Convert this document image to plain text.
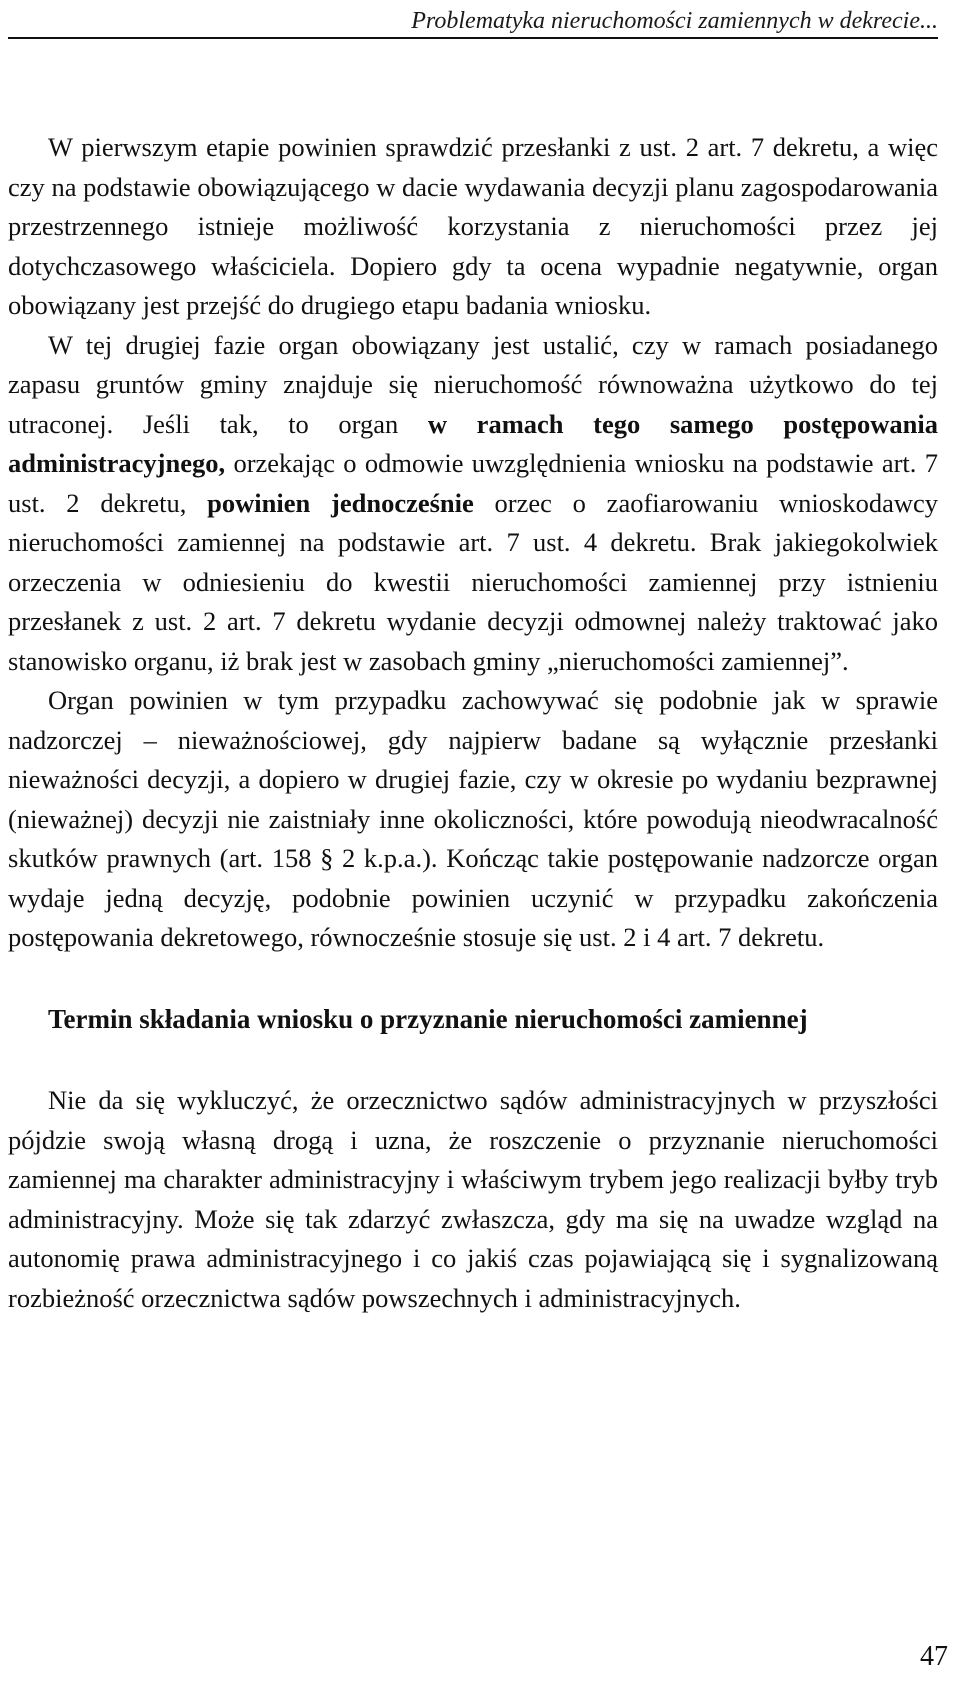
Problematyka nieruchomości zamiennych w dekrecie...

W pierwszym etapie powinien sprawdzić przesłanki z ust. 2 art. 7 dekretu, a więc czy na podstawie obowiązującego w dacie wydawania decyzji planu zagospodarowania przestrzennego istnieje możliwość korzystania z nieruchomości przez jej dotychczasowego właściciela. Dopiero gdy ta ocena wypadnie negatywnie, organ obowiązany jest przejść do drugiego etapu badania wniosku.

W tej drugiej fazie organ obowiązany jest ustalić, czy w ramach posiadanego zapasu gruntów gminy znajduje się nieruchomość równoważna użytkowo do tej utraconej. Jeśli tak, to organ w ramach tego samego postępowania administracyjnego, orzekając o odmowie uwzględnienia wniosku na podstawie art. 7 ust. 2 dekretu, powinien jednocześnie orzec o zaofiarowaniu wnioskodawcy nieruchomości zamiennej na podstawie art. 7 ust. 4 dekretu. Brak jakiegokolwiek orzeczenia w odniesieniu do kwestii nieruchomości zamiennej przy istnieniu przesłanek z ust. 2 art. 7 dekretu wydanie decyzji odmownej należy traktować jako stanowisko organu, iż brak jest w zasobach gminy „nieruchomości zamiennej”.

Organ powinien w tym przypadku zachowywać się podobnie jak w sprawie nadzorczej – nieważnościowej, gdy najpierw badane są wyłącznie przesłanki nieważności decyzji, a dopiero w drugiej fazie, czy w okresie po wydaniu bezprawnej (nieważnej) decyzji nie zaistniały inne okoliczności, które powodują nieodwracalność skutków prawnych (art. 158 § 2 k.p.a.). Kończąc takie postępowanie nadzorcze organ wydaje jedną decyzję, podobnie powinien uczynić w przypadku zakończenia postępowania dekretowego, równocześnie stosuje się ust. 2 i 4 art. 7 dekretu.

Termin składania wniosku o przyznanie nieruchomości zamiennej

Nie da się wykluczyć, że orzecznictwo sądów administracyjnych w przyszłości pójdzie swoją własną drogą i uzna, że roszczenie o przyznanie nieruchomości zamiennej ma charakter administracyjny i właściwym trybem jego realizacji byłby tryb administracyjny. Może się tak zdarzyć zwłaszcza, gdy ma się na uwadze wzgląd na autonomię prawa administracyjnego i co jakiś czas pojawiającą się i sygnalizowaną rozbieżność orzecznictwa sądów powszechnych i administracyjnych.

47
